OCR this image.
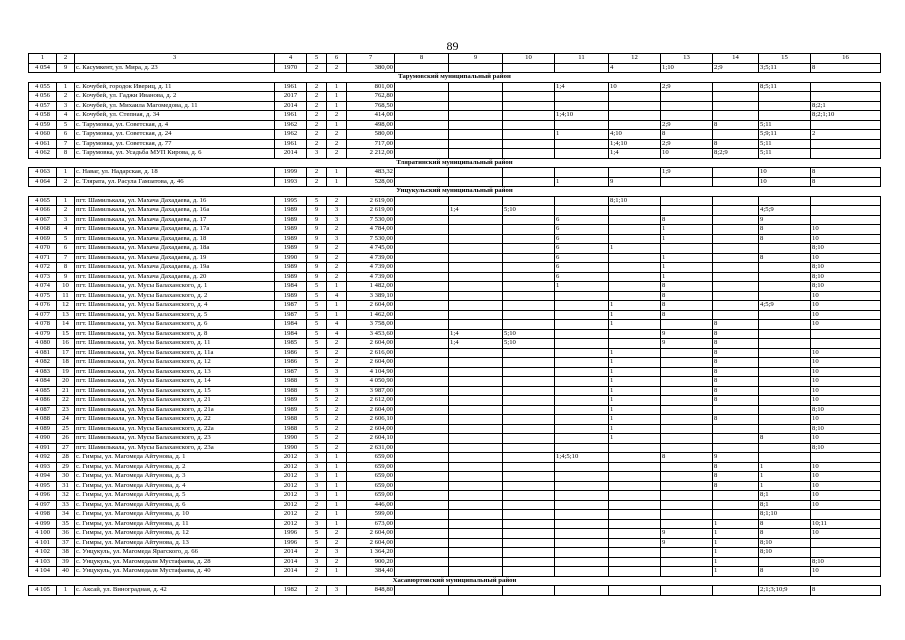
89
1	2	3	4	5	6	7	8	9	10	11	12	13	14	15	16
4 054	9	с. Касумкент, ул. Мира, д. 23	1970	2	2	380,00					4	1;10	2;9	3;5;11	8
Тарумовский муниципальный район															
4 055	1	с. Кочубей, городок Ивериц, д. 11	1961	2	1	801,00				1;4	10	2;9		8;5;11	
4 056	2	с. Кочубей, ул. Гаджи Иванова, д. 2	2017	2	1	762,80									
4 057	3	с. Кочубей, ул. Михаила Магомедова, д. 11	2014	2	1	768,50									8;2;1
4 058	4	с. Кочубей, ул. Степная, д. 34	1961	2	2	414,00				1;4;10					8;2;1;10
4 059	5	с. Тарумовка, ул. Советская, д. 4	1962	2	1	498,00						2;9	8	5;11	
4 060	6	с. Тарумовка, ул. Советская, д. 24	1962	2	2	580,00				1	4;10	8		5;9;11	2
4 061	7	с. Тарумовка, ул. Советская, д. 77	1961	2	2	717,00					1;4;10	2;9	8	5;11	
4 062	8	с. Тарумовка, ул. Усадьба МУП Кирова, д. 6	2014	3	2	2 212,00					1;4	10	8;2;9	5;11	
Тляратинский муниципальный район															
4 063	1	с. Наваг, ул. Надарская, д. 18	1999	2	1	483,32						1;9		10	8
4 064	2	с. Тлярата, ул. Расула Гамзатова, д. 46	1993	2	1	528,00				1	9			10	8
Унцукульский муниципальный район															
4 065	1	пгт. Шамилькала, ул. Махача Дахадаева, д. 16	1995	5	2	2 619,00					8;1;10				
4 066	2	пгт. Шамилькала, ул. Махача Дахадаева, д. 16а	1989	9	3	2 619,00		1;4	5;10					4;5;9	
4 067	3	пгт. Шамилькала, ул. Махача Дахадаева, д. 17	1989	9	3	7 530,00				6		8		9	
4 068	4	пгт. Шамилькала, ул. Махача Дахадаева, д. 17а	1989	9	2	4 784,00				6		1		8	10
4 069	5	пгт. Шамилькала, ул. Махача Дахадаева, д. 18	1989	9	3	7 530,00				6		1		8	10
4 070	6	пгт. Шамилькала, ул. Махача Дахадаева, д. 18а	1989	9	2	4 745,00				6	1				8;10
4 071	7	пгт. Шамилькала, ул. Махача Дахадаева, д. 19	1990	9	2	4 739,00				6		1		8	10
4 072	8	пгт. Шамилькала, ул. Махача Дахадаева, д. 19а	1989	9	2	4 739,00				6		1			8;10
4 073	9	пгт. Шамилькала, ул. Махача Дахадаева, д. 20	1989	9	2	4 739,00				6		1			8;10
4 074	10	пгт. Шамилькала, ул. Мусы Балаханского, д. 1	1984	5	1	1 482,00				1		8			8;10
4 075	11	пгт. Шамилькала, ул. Мусы Балаханского, д. 2	1989	5	4	3 389,10						8			10
4 076	12	пгт. Шамилькала, ул. Мусы Балаханского, д. 4	1987	5	1	2 604,00					1	8		4;5;9	10
4 077	13	пгт. Шамилькала, ул. Мусы Балаханского, д. 5	1987	5	1	1 462,00					1	8			10
4 078	14	пгт. Шамилькала, ул. Мусы Балаханского, д. 6	1984	5	4	3 758,00					1		8		10
4 079	15	пгт. Шамилькала, ул. Мусы Балаханского, д. 8	1984	5	4	3 453,60		1;4	5;10			9	8		
4 080	16	пгт. Шамилькала, ул. Мусы Балаханского, д. 11	1985	5	2	2 604,00		1;4	5;10			9	8		
4 081	17	пгт. Шамилькала, ул. Мусы Балаханского, д. 11а	1986	5	2	2 616,00					1		8		10
4 082	18	пгт. Шамилькала, ул. Мусы Балаханского, д. 12	1986	5	2	2 604,00					1		8		10
4 083	19	пгт. Шамилькала, ул. Мусы Балаханского, д. 13	1987	5	3	4 104,90					1		8		10
4 084	20	пгт. Шамилькала, ул. Мусы Балаханского, д. 14	1988	5	3	4 050,90					1		8		10
4 085	21	пгт. Шамилькала, ул. Мусы Балаханского, д. 15	1988	5	3	3 987,00					1		8		10
4 086	22	пгт. Шамилькала, ул. Мусы Балаханского, д. 21	1989	5	2	2 612,00					1		8		10
4 087	23	пгт. Шамилькала, ул. Мусы Балаханского, д. 21а	1989	5	2	2 604,00					1				8;10
4 088	24	пгт. Шамилькала, ул. Мусы Балаханского, д. 22	1988	5	2	2 606,10					1		8		10
4 089	25	пгт. Шамилькала, ул. Мусы Балаханского, д. 22а	1988	5	2	2 604,00					1				8;10
4 090	26	пгт. Шамилькала, ул. Мусы Балаханского, д. 23	1990	5	2	2 604,10					1			8	10
4 091	27	пгт. Шамилькала, ул. Мусы Балаханского, д. 23а	1990	5	2	2 631,00									8;10
4 092	28	с. Гимры, ул. Магомеда Айтунова, д. 1	2012	3	1	659,00				1;4;5;10		8	9		
4 093	29	с. Гимры, ул. Магомеда Айтунова, д. 2	2012	3	1	659,00							8	1	10
4 094	30	с. Гимры, ул. Магомеда Айтунова, д. 3	2012	3	1	659,00							8	1	10
4 095	31	с. Гимры, ул. Магомеда Айтунова, д. 4	2012	3	1	659,00							8	1	10
4 096	32	с. Гимры, ул. Магомеда Айтунова, д. 5	2012	3	1	659,00								8;1	10
4 097	33	с. Гимры, ул. Магомеда Айтунова, д. 6	2012	2	1	446,00								8;1	10
4 098	34	с. Гимры, ул. Магомеда Айтунова, д. 10	2012	2	1	599,00								8;1;10	
4 099	35	с. Гимры, ул. Магомеда Айтунова, д. 11	2012	3	1	673,00							1	8	10;11
4 100	36	с. Гимры, ул. Магомеда Айтунова, д. 12	1996	5	2	2 604,00						9	1	8	10
4 101	37	с. Гимры, ул. Магомеда Айтунова, д. 13	1996	5	2	2 604,00						9	1	8;10	
4 102	38	с. Унцукуль, ул. Магомеда Ярагского, д. 66	2014	2	3	1 364,20							1	8;10	
4 103	39	с. Унцукуль, ул. Магомедали Мустафаева, д. 28	2014	3	2	900,20							1		8;10
4 104	40	с. Унцукуль, ул. Магомедали Мустафаева, д. 40	2014	2	1	384,40							1	8	10
Хасавюртовский муниципальный район															
4 105	1	с. Аксай, ул. Виноградная, д. 42	1982	2	3	848,80								2;1;3;10;9	8
